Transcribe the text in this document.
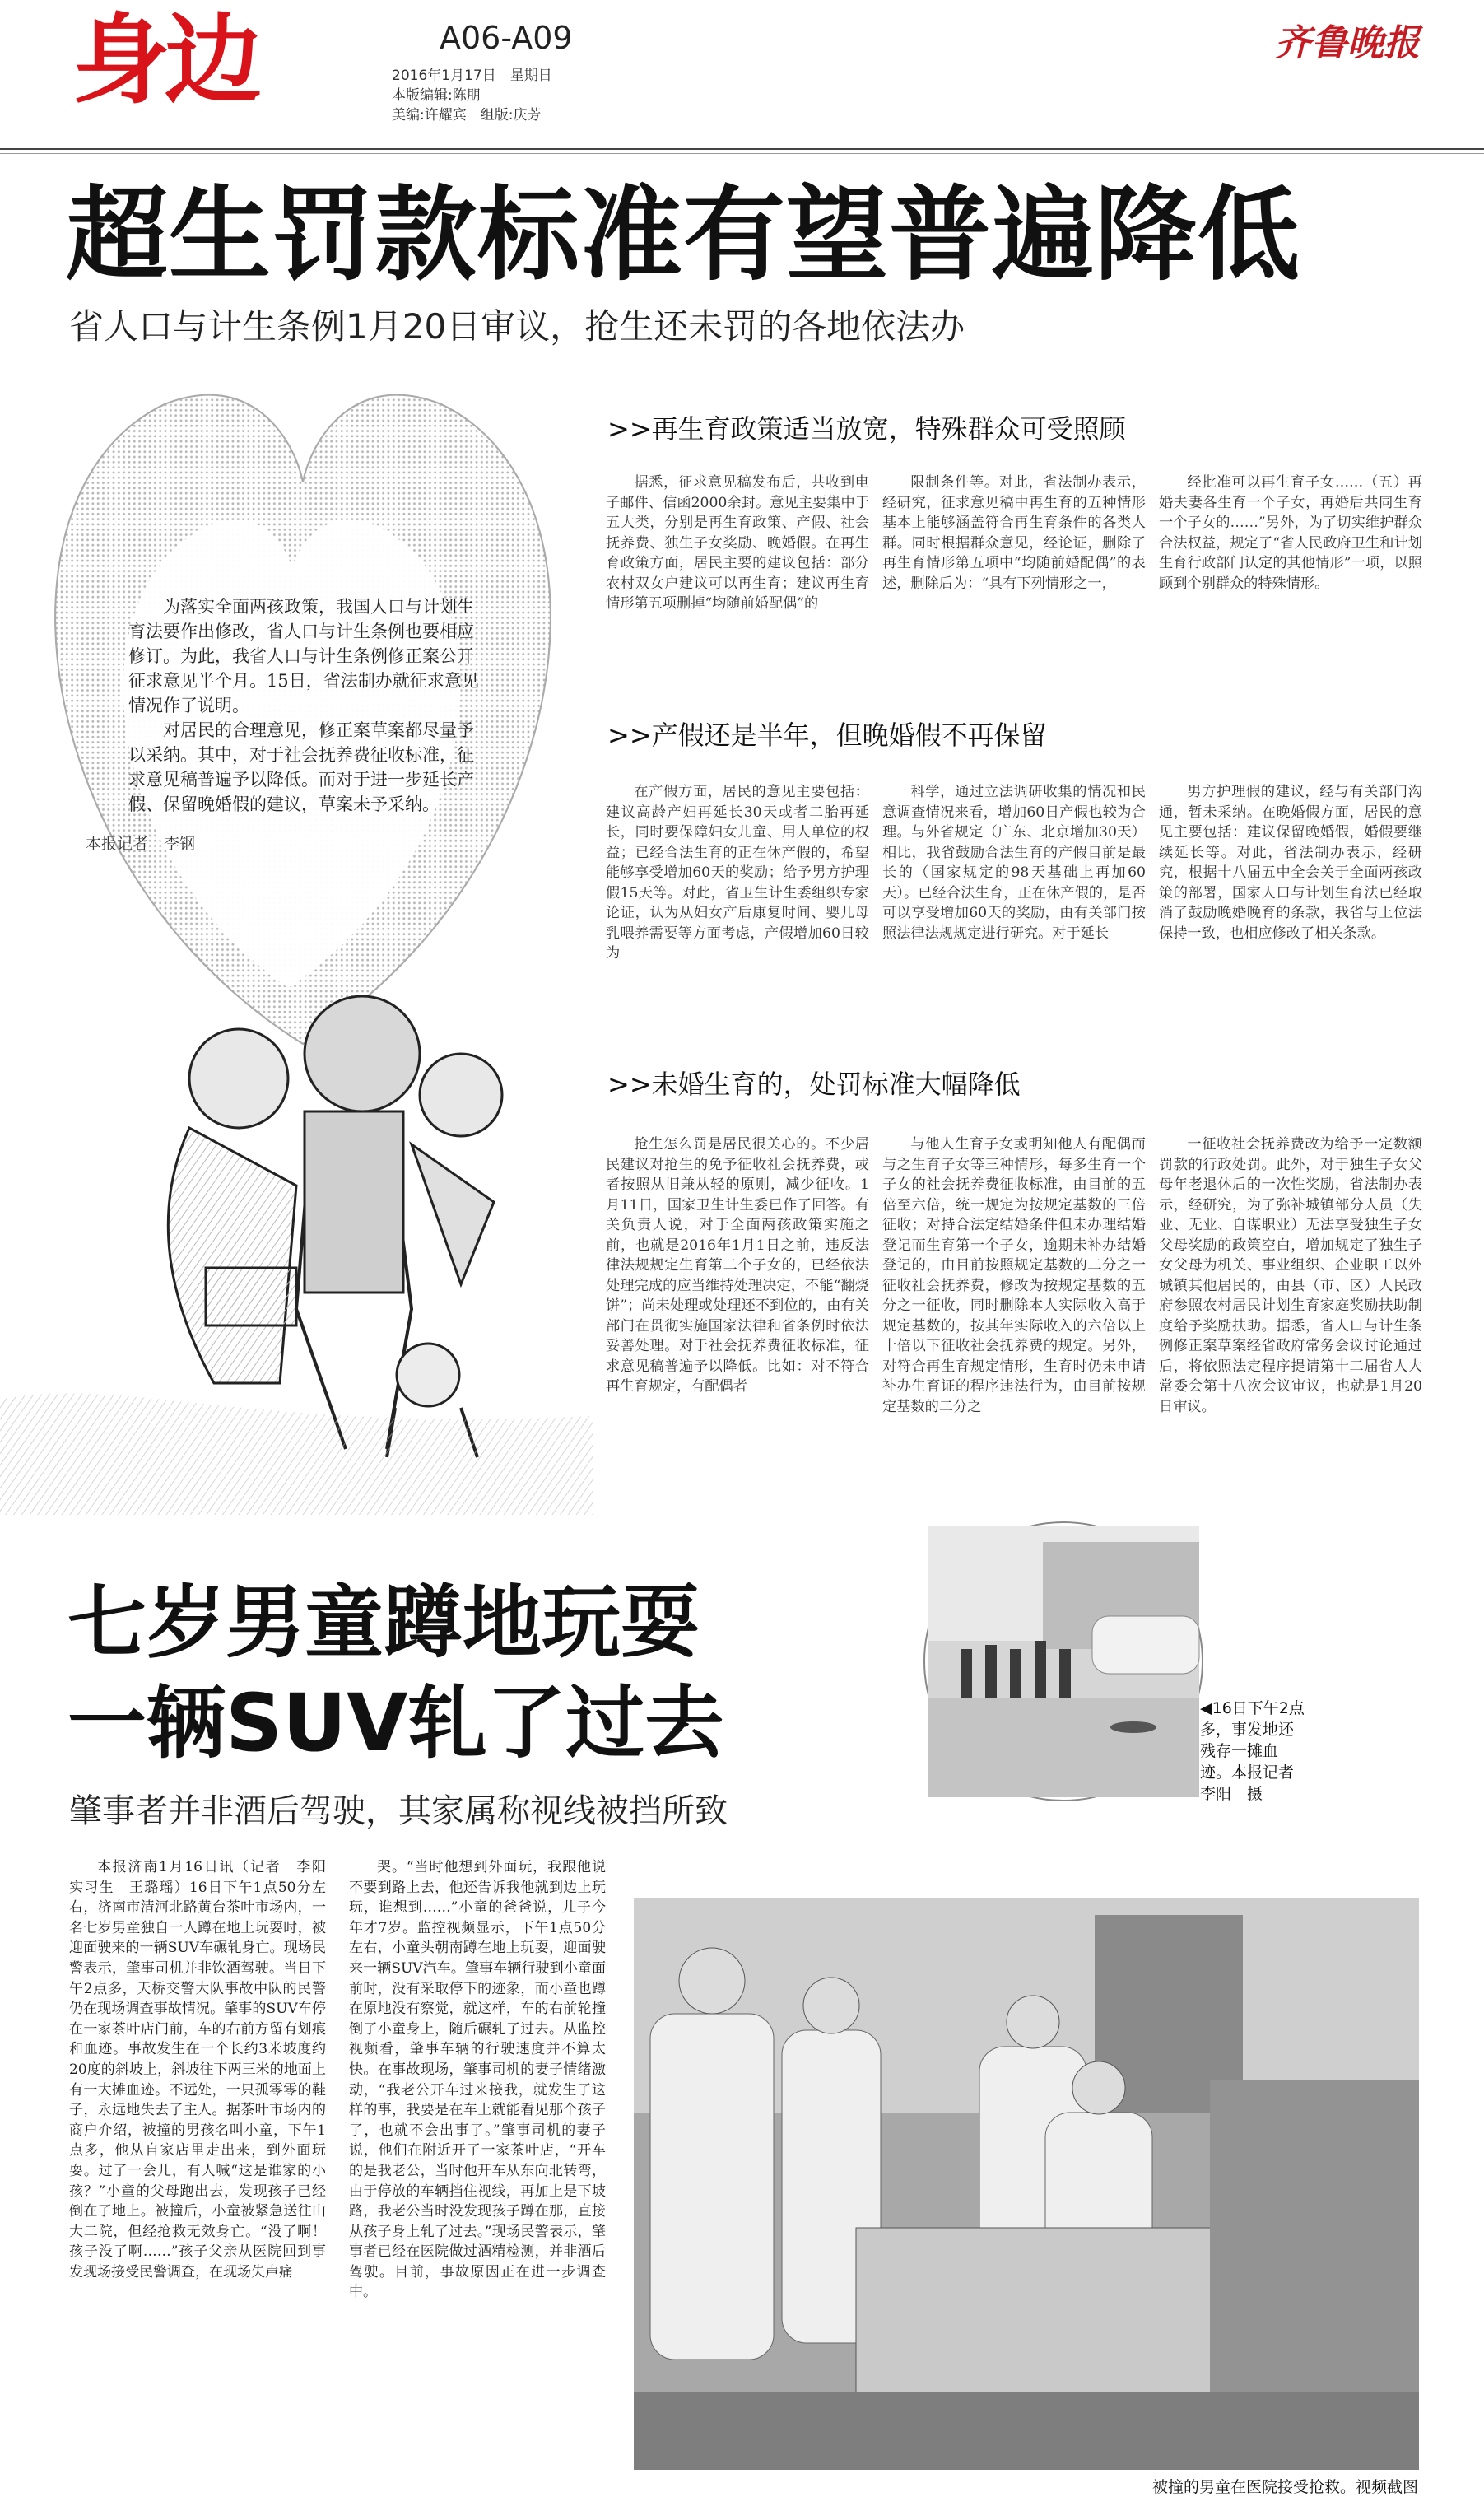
身边	A06-A09
2016年1月17日　星期日
本版编辑:陈朋
美编:许耀宾　组版:庆芳
齐鲁晚报
超生罚款标准有望普遍降低
省人口与计生条例1月20日审议，抢生还未罚的各地依法办

为落实全面两孩政策，我国人口与计划生育法要作出修改，省人口与计生条例也要相应修订。为此，我省人口与计生条例修正案公开征求意见半个月。15日，省法制办就征求意见情况作了说明。

对居民的合理意见，修正案草案都尽量予以采纳。其中，对于社会抚养费征收标准，征求意见稿普遍予以降低。而对于进一步延长产假、保留晚婚假的建议，草案未予采纳。

本报记者　李钢
>>再生育政策适当放宽，特殊群众可受照顾
据悉，征求意见稿发布后，共收到电子邮件、信函2000余封。意见主要集中于五大类，分别是再生育政策、产假、社会抚养费、独生子女奖励、晚婚假。在再生育政策方面，居民主要的建议包括：部分农村双女户建议可以再生育；建议再生育情形第五项删掉“均随前婚配偶”的
限制条件等。对此，省法制办表示，经研究，征求意见稿中再生育的五种情形基本上能够涵盖符合再生育条件的各类人群。同时根据群众意见，经论证，删除了再生育情形第五项中“均随前婚配偶”的表述，删除后为：“具有下列情形之一，
经批准可以再生育子女……（五）再婚夫妻各生育一个子女，再婚后共同生育一个子女的……”另外，为了切实维护群众合法权益，规定了“省人民政府卫生和计划生育行政部门认定的其他情形”一项，以照顾到个别群众的特殊情形。
>>产假还是半年，但晚婚假不再保留
在产假方面，居民的意见主要包括：建议高龄产妇再延长30天或者二胎再延长，同时要保障妇女儿童、用人单位的权益；已经合法生育的正在休产假的，希望能够享受增加60天的奖励；给予男方护理假15天等。对此，省卫生计生委组织专家论证，认为从妇女产后康复时间、婴儿母乳喂养需要等方面考虑，产假增加60日较为
科学，通过立法调研收集的情况和民意调查情况来看，增加60日产假也较为合理。与外省规定（广东、北京增加30天）相比，我省鼓励合法生育的产假目前是最长的（国家规定的98天基础上再加60天）。已经合法生育，正在休产假的，是否可以享受增加60天的奖励，由有关部门按照法律法规规定进行研究。对于延长
男方护理假的建议，经与有关部门沟通，暂未采纳。在晚婚假方面，居民的意见主要包括：建议保留晚婚假，婚假要继续延长等。对此，省法制办表示，经研究，根据十八届五中全会关于全面两孩政策的部署，国家人口与计划生育法已经取消了鼓励晚婚晚育的条款，我省与上位法保持一致，也相应修改了相关条款。
>>未婚生育的，处罚标准大幅降低
抢生怎么罚是居民很关心的。不少居民建议对抢生的免予征收社会抚养费，或者按照从旧兼从轻的原则，减少征收。1月11日，国家卫生计生委已作了回答。有关负责人说，对于全面两孩政策实施之前，也就是2016年1月1日之前，违反法律法规规定生育第二个子女的，已经依法处理完成的应当维持处理决定，不能“翻烧饼”；尚未处理或处理还不到位的，由有关部门在贯彻实施国家法律和省条例时依法妥善处理。对于社会抚养费征收标准，征求意见稿普遍予以降低。比如：对不符合再生育规定，有配偶者
与他人生育子女或明知他人有配偶而与之生育子女等三种情形，每多生育一个子女的社会抚养费征收标准，由目前的五倍至六倍，统一规定为按规定基数的三倍征收；对持合法定结婚条件但未办理结婚登记而生育第一个子女，逾期未补办结婚登记的，由目前按照规定基数的二分之一征收社会抚养费，修改为按规定基数的五分之一征收，同时删除本人实际收入高于规定基数的，按其年实际收入的六倍以上十倍以下征收社会抚养费的规定。另外，对符合再生育规定情形，生育时仍未申请补办生育证的程序违法行为，由目前按规定基数的二分之
一征收社会抚养费改为给予一定数额罚款的行政处罚。此外，对于独生子女父母年老退休后的一次性奖励，省法制办表示，经研究，为了弥补城镇部分人员（失业、无业、自谋职业）无法享受独生子女父母奖励的政策空白，增加规定了独生子女父母为机关、事业组织、企业职工以外城镇其他居民的，由县（市、区）人民政府参照农村居民计划生育家庭奖励扶助制度给予奖励扶助。据悉，省人口与计生条例修正案草案经省政府常务会议讨论通过后，将依照法定程序提请第十二届省人大常委会第十八次会议审议，也就是1月20日审议。
七岁男童蹲地玩耍
一辆SUV轧了过去
肇事者并非酒后驾驶，其家属称视线被挡所致
◀16日下午2点多，事发地还残存一摊血迹。本报记者　李阳　摄
本报济南1月16日讯（记者　李阳　实习生　王璐瑶）16日下午1点50分左右，济南市清河北路黄台茶叶市场内，一名七岁男童独自一人蹲在地上玩耍时，被迎面驶来的一辆SUV车碾轧身亡。现场民警表示，肇事司机并非饮酒驾驶。当日下午2点多，天桥交警大队事故中队的民警仍在现场调查事故情况。肇事的SUV车停在一家茶叶店门前，车的右前方留有划痕和血迹。事故发生在一个长约3米坡度约20度的斜坡上，斜坡往下两三米的地面上有一大摊血迹。不远处，一只孤零零的鞋子，永远地失去了主人。据茶叶市场内的商户介绍，被撞的男孩名叫小童，下午1点多，他从自家店里走出来，到外面玩耍。过了一会儿，有人喊“这是谁家的小孩？”小童的父母跑出去，发现孩子已经倒在了地上。被撞后，小童被紧急送往山大二院，但经抢救无效身亡。“没了啊！孩子没了啊……”孩子父亲从医院回到事发现场接受民警调查，在现场失声痛
哭。“当时他想到外面玩，我跟他说不要到路上去，他还告诉我他就到边上玩玩，谁想到……”小童的爸爸说，儿子今年才7岁。监控视频显示，下午1点50分左右，小童头朝南蹲在地上玩耍，迎面驶来一辆SUV汽车。肇事车辆行驶到小童面前时，没有采取停下的迹象，而小童也蹲在原地没有察觉，就这样，车的右前轮撞倒了小童身上，随后碾轧了过去。从监控视频看，肇事车辆的行驶速度并不算太快。在事故现场，肇事司机的妻子情绪激动，“我老公开车过来接我，就发生了这样的事，我要是在车上就能看见那个孩子了，也就不会出事了。”肇事司机的妻子说，他们在附近开了一家茶叶店，“开车的是我老公，当时他开车从东向北转弯，由于停放的车辆挡住视线，再加上是下坡路，我老公当时没发现孩子蹲在那，直接从孩子身上轧了过去。”现场民警表示，肇事者已经在医院做过酒精检测，并非酒后驾驶。目前，事故原因正在进一步调查中。
被撞的男童在医院接受抢救。视频截图
